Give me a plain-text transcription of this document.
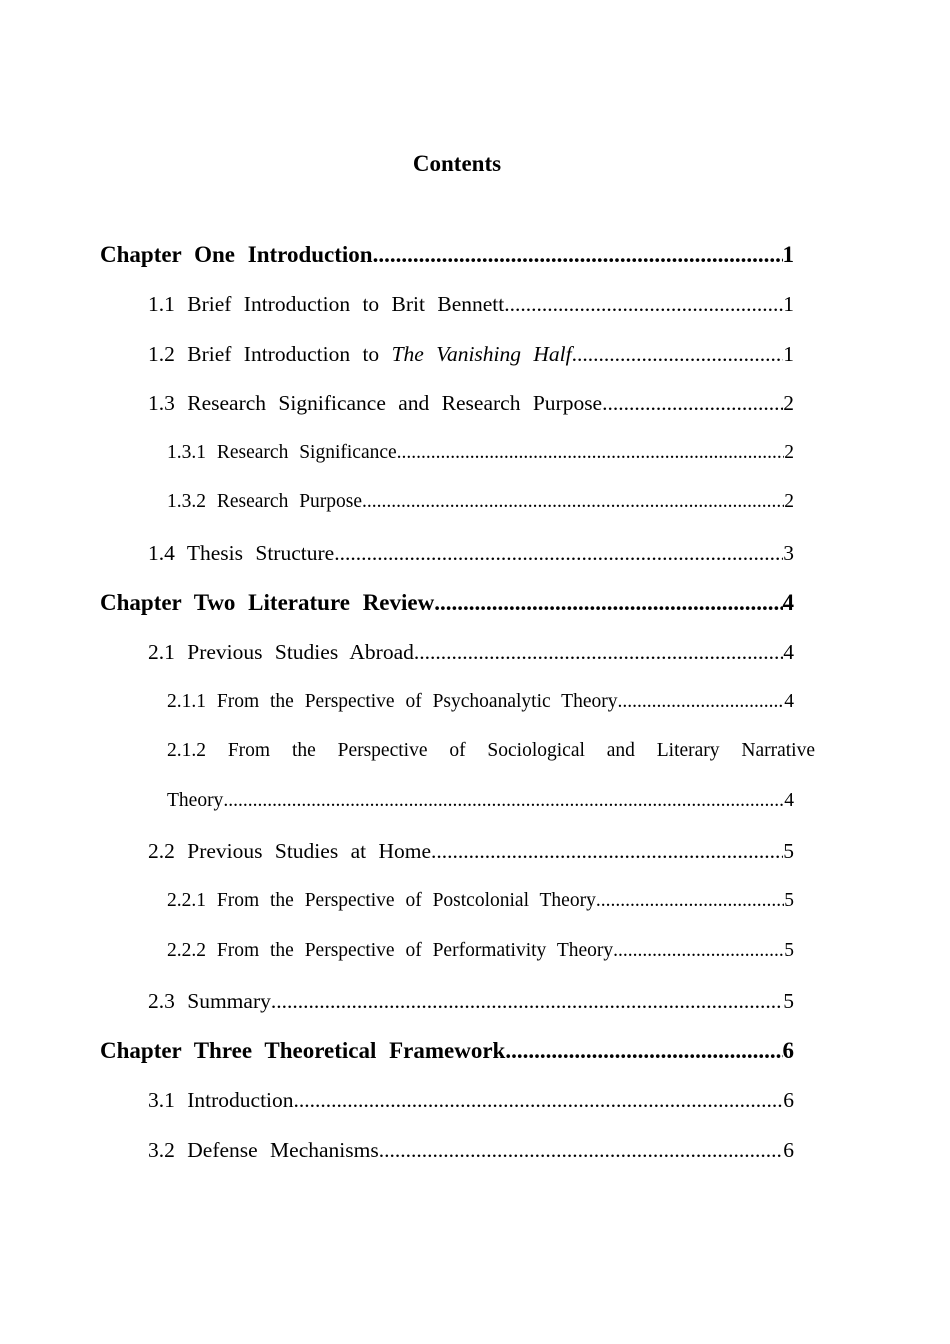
Contents
Chapter One Introduction .....	1
1.1 Brief Introduction to Brit Bennett .....	1
1.2 Brief Introduction to The Vanishing Half .....	1
1.3 Research Significance and Research Purpose .....	2
1.3.1 Research Significance .....	2
1.3.2 Research Purpose .....	2
1.4 Thesis Structure .....	3
Chapter Two Literature Review .....	4
2.1 Previous Studies Abroad .....	4
2.1.1 From the Perspective of Psychoanalytic Theory .....	4
2.1.2 From the Perspective of Sociological and Literary Narrative
Theory .....	4
2.2 Previous Studies at Home .....	5
2.2.1 From the Perspective of Postcolonial Theory .....	5
2.2.2 From the Perspective of Performativity Theory .....	5
2.3 Summary .....	5
Chapter Three Theoretical Framework .....	6
3.1 Introduction .....	6
3.2 Defense Mechanisms .....	6
